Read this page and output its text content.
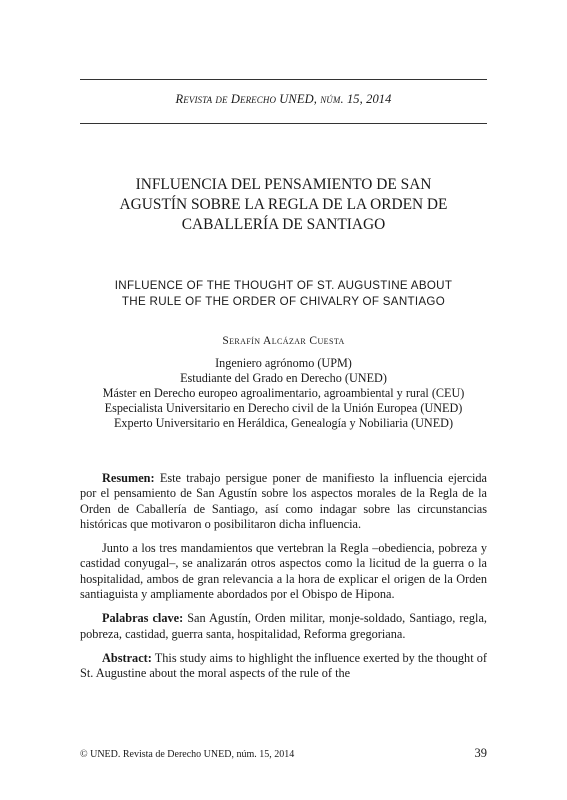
Revista de Derecho UNED, núm. 15, 2014
INFLUENCIA DEL PENSAMIENTO DE SAN
AGUSTÍN SOBRE LA REGLA DE LA ORDEN DE
CABALLERÍA DE SANTIAGO
INFLUENCE OF THE THOUGHT OF ST. AUGUSTINE ABOUT
THE RULE OF THE ORDER OF CHIVALRY OF SANTIAGO
Serafín Alcázar Cuesta
Ingeniero agrónomo (UPM)
Estudiante del Grado en Derecho (UNED)
Máster en Derecho europeo agroalimentario, agroambiental y rural (CEU)
Especialista Universitario en Derecho civil de la Unión Europea (UNED)
Experto Universitario en Heráldica, Genealogía y Nobiliaria (UNED)

Resumen: Este trabajo persigue poner de manifiesto la influencia ejercida por el pensamiento de San Agustín sobre los aspectos morales de la Regla de la Orden de Caballería de Santiago, así como indagar sobre las circunstancias históricas que motivaron o posibilitaron dicha influencia.

Junto a los tres mandamientos que vertebran la Regla –obediencia, pobreza y castidad conyugal–, se analizarán otros aspectos como la licitud de la guerra o la hospitalidad, ambos de gran relevancia a la hora de explicar el origen de la Orden santiaguista y ampliamente abordados por el Obispo de Hipona.

Palabras clave: San Agustín, Orden militar, monje-soldado, Santiago, regla, pobreza, castidad, guerra santa, hospitalidad, Reforma gregoriana.

Abstract: This study aims to highlight the influence exerted by the thought of St. Augustine about the moral aspects of the rule of the

© UNED. Revista de Derecho UNED, núm. 15, 2014	39
